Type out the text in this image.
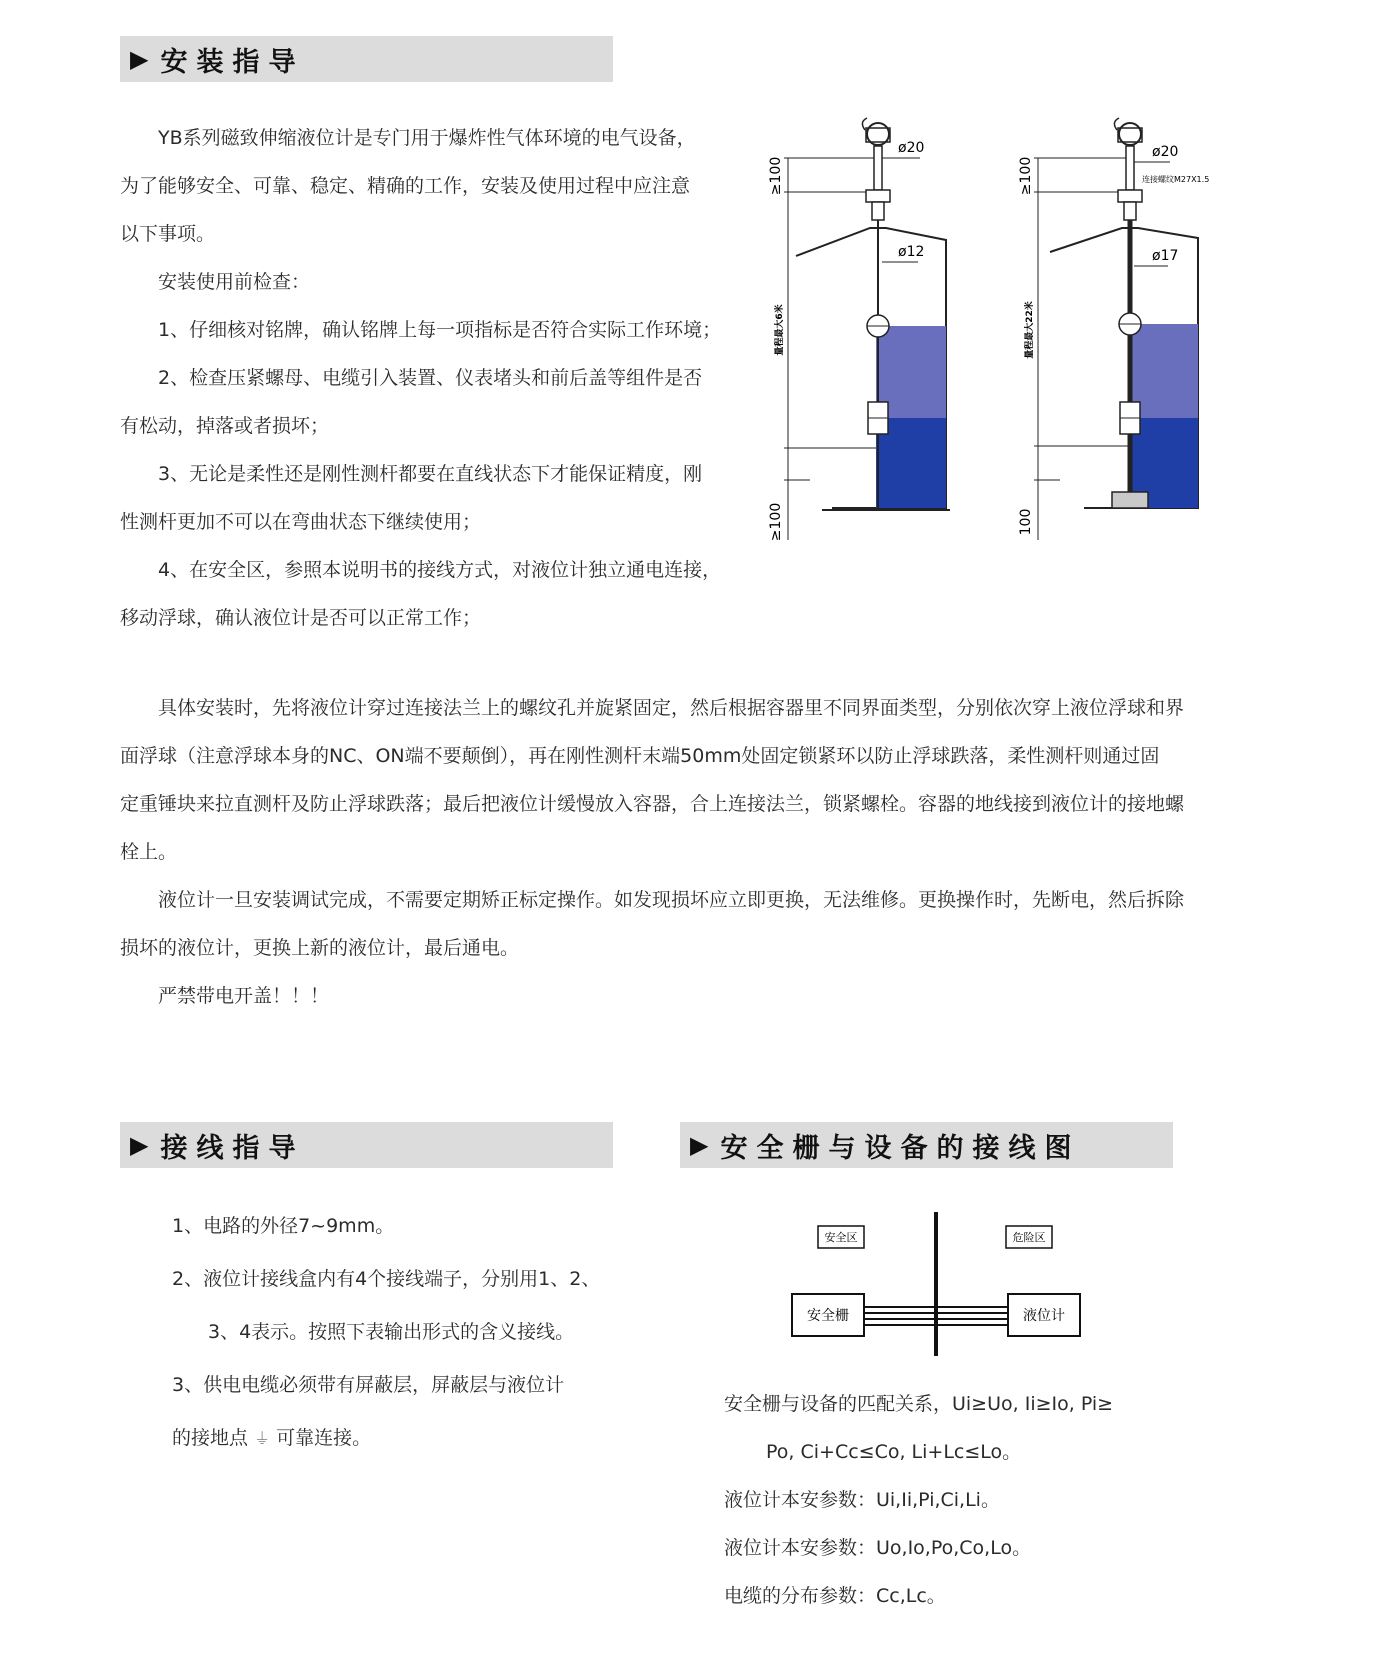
▶ 安装指导

YB系列磁致伸缩液位计是专门用于爆炸性气体环境的电气设备，

为了能够安全、可靠、稳定、精确的工作，安装及使用过程中应注意

以下事项。

安装使用前检查：

1、仔细核对铭牌，确认铭牌上每一项指标是否符合实际工作环境；

2、检查压紧螺母、电缆引入装置、仪表堵头和前后盖等组件是否

有松动，掉落或者损坏；

3、无论是柔性还是刚性测杆都要在直线状态下才能保证精度，刚

性测杆更加不可以在弯曲状态下继续使用；

4、在安全区，参照本说明书的接线方式，对液位计独立通电连接，

移动浮球，确认液位计是否可以正常工作；

≥100
ø20
ø12
量程最大6米
≥100
≥100
ø20
连接螺纹M27X1.5
ø17
量程最大22米
100

具体安装时，先将液位计穿过连接法兰上的螺纹孔并旋紧固定，然后根据容器里不同界面类型，分别依次穿上液位浮球和界

面浮球（注意浮球本身的NC、ON端不要颠倒），再在刚性测杆末端50mm处固定锁紧环以防止浮球跌落，柔性测杆则通过固

定重锤块来拉直测杆及防止浮球跌落；最后把液位计缓慢放入容器，合上连接法兰，锁紧螺栓。容器的地线接到液位计的接地螺

栓上。

液位计一旦安装调试完成，不需要定期矫正标定操作。如发现损坏应立即更换，无法维修。更换操作时，先断电，然后拆除

损坏的液位计，更换上新的液位计，最后通电。

严禁带电开盖！！！

▶ 接线指导

1、电路的外径7~9mm。

2、液位计接线盒内有4个接线端子，分别用1、2、

3、4表示。按照下表输出形式的含义接线。

3、供电电缆必须带有屏蔽层，屏蔽层与液位计

的接地点 ⏚ 可靠连接。

▶ 安全栅与设备的接线图
安全区	危险区
安全栅	液位计

安全栅与设备的匹配关系，Ui≥Uo, Ii≥Io, Pi≥

Po, Ci+Cc≤Co, Li+Lc≤Lo。

液位计本安参数：Ui,Ii,Pi,Ci,Li。

液位计本安参数：Uo,Io,Po,Co,Lo。

电缆的分布参数：Cc,Lc。
